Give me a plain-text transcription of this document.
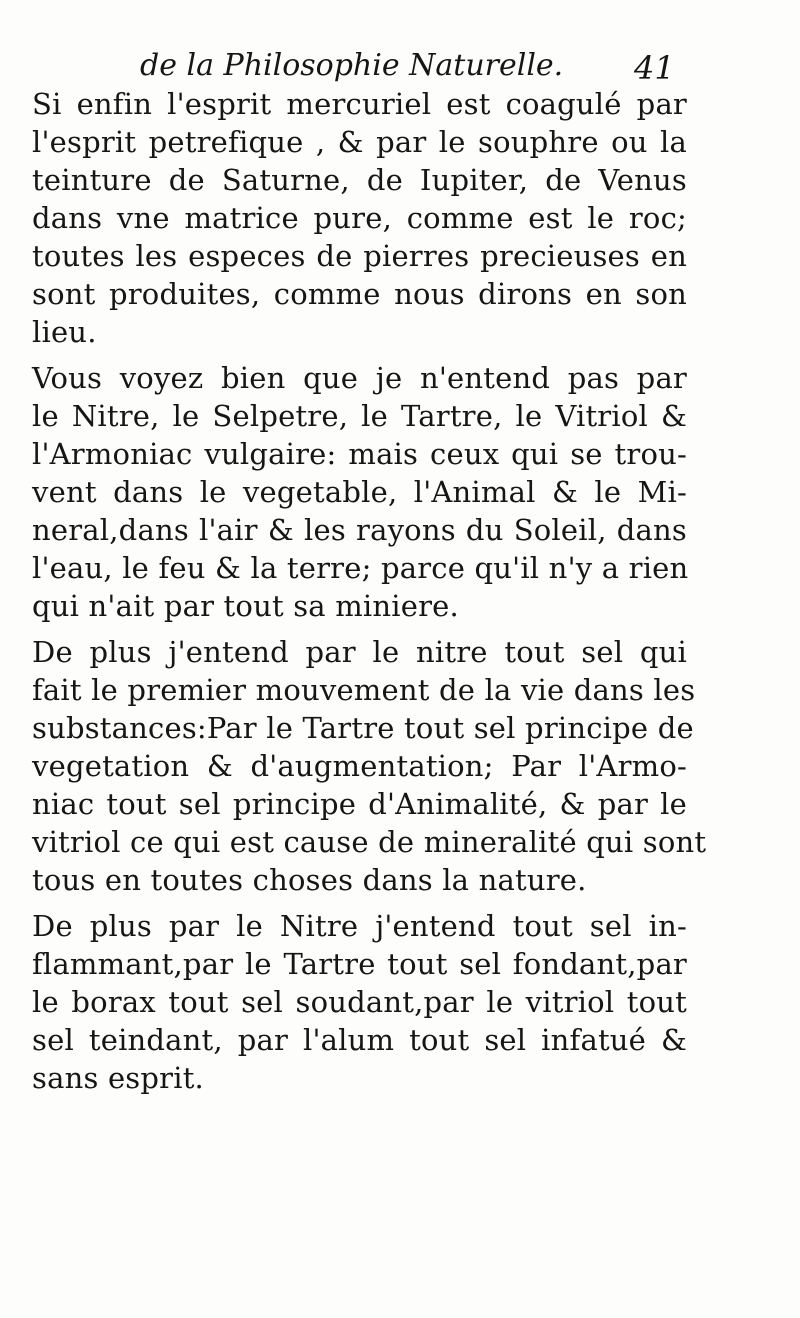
de la Philosophie Naturelle.	41
Si enfin l'esprit mercuriel est coagulé par
l'esprit petrefique , & par le souphre ou la
teinture de Saturne, de Iupiter, de Venus
dans vne matrice pure, comme est le roc;
toutes les especes de pierres precieuses en
sont produites, comme nous dirons en son
lieu.
Vous voyez bien que je n'entend pas par
le Nitre, le Selpetre, le Tartre, le Vitriol &
l'Armoniac vulgaire: mais ceux qui se trou-
vent dans le vegetable, l'Animal & le Mi-
neral,dans l'air & les rayons du Soleil, dans
l'eau, le feu & la terre; parce qu'il n'y a rien
qui n'ait par tout sa miniere.
De plus j'entend par le nitre tout sel qui
fait le premier mouvement de la vie dans les
substances:Par le Tartre tout sel principe de
vegetation & d'augmentation; Par l'Armo-
niac tout sel principe d'Animalité, & par le
vitriol ce qui est cause de mineralité qui sont
tous en toutes choses dans la nature.
De plus par le Nitre j'entend tout sel in-
flammant,par le Tartre tout sel fondant,par
le borax tout sel soudant,par le vitriol tout
sel teindant, par l'alum tout sel infatué &
sans esprit.
